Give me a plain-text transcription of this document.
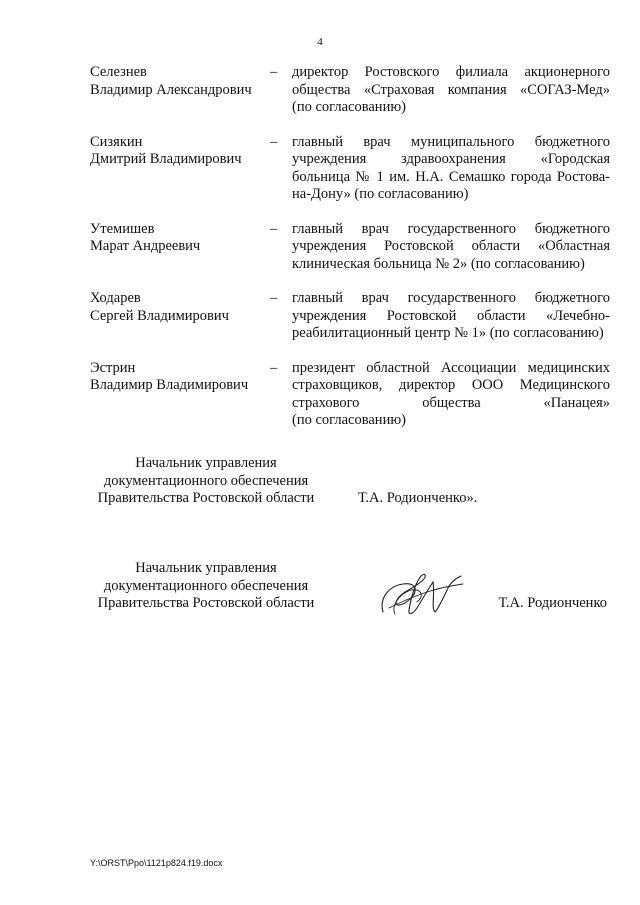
4
Селезнев
Владимир Александрович
– директор Ростовского филиала акционерного
общества «Страховая компания «СОГАЗ-Мед»
(по согласованию)
Сизякин
Дмитрий Владимирович
– главный врач муниципального бюджетного
учреждения здравоохранения «Городская
больница № 1 им. Н.А. Семашко города Ростова-
на-Дону» (по согласованию)
Утемишев
Марат Андреевич
– главный врач государственного бюджетного
учреждения Ростовской области «Областная
клиническая больница № 2» (по согласованию)
Ходарев
Сергей Владимирович
– главный врач государственного бюджетного
учреждения Ростовской области «Лечебно-
реабилитационный центр № 1» (по согласованию)
Эстрин
Владимир Владимирович
– президент областной Ассоциации медицинских
страховщиков, директор ООО Медицинского
страхового общества «Панацея»
(по согласованию)
Начальник управления
документационного обеспечения
Правительства Ростовской области	Т.А. Родионченко».
Начальник управления
документационного обеспечения
Правительства Ростовской области	Т.А. Родионченко
Y:\ORST\Ppo\1121p824.f19.docx
